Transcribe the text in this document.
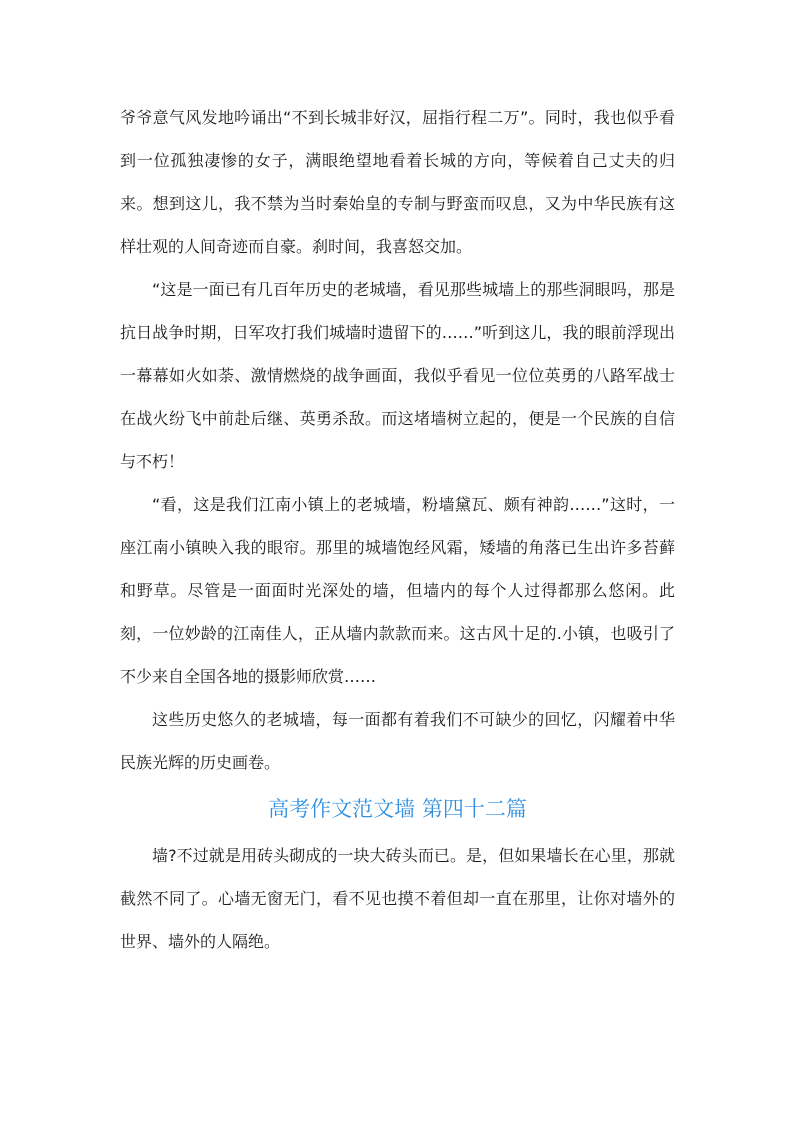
爷爷意气风发地吟诵出“不到长城非好汉，屈指行程二万”。同时，我也似乎看到一位孤独凄惨的女子，满眼绝望地看着长城的方向，等候着自己丈夫的归来。想到这儿，我不禁为当时秦始皇的专制与野蛮而叹息，又为中华民族有这样壮观的人间奇迹而自豪。刹时间，我喜怒交加。

“这是一面已有几百年历史的老城墙，看见那些城墙上的那些洞眼吗，那是抗日战争时期，日军攻打我们城墙时遗留下的……”听到这儿，我的眼前浮现出一幕幕如火如荼、激情燃烧的战争画面，我似乎看见一位位英勇的八路军战士在战火纷飞中前赴后继、英勇杀敌。而这堵墙树立起的，便是一个民族的自信与不朽！

“看，这是我们江南小镇上的老城墙，粉墙黛瓦、颇有神韵……”这时，一座江南小镇映入我的眼帘。那里的城墙饱经风霜，矮墙的角落已生出许多苔藓和野草。尽管是一面面时光深处的墙，但墙内的每个人过得都那么悠闲。此刻，一位妙龄的江南佳人，正从墙内款款而来。这古风十足的.小镇，也吸引了不少来自全国各地的摄影师欣赏……

这些历史悠久的老城墙，每一面都有着我们不可缺少的回忆，闪耀着中华民族光辉的历史画卷。

高考作文范文墙 第四十二篇

墙?不过就是用砖头砌成的一块大砖头而已。是，但如果墙长在心里，那就截然不同了。心墙无窗无门，看不见也摸不着但却一直在那里，让你对墙外的世界、墙外的人隔绝。
